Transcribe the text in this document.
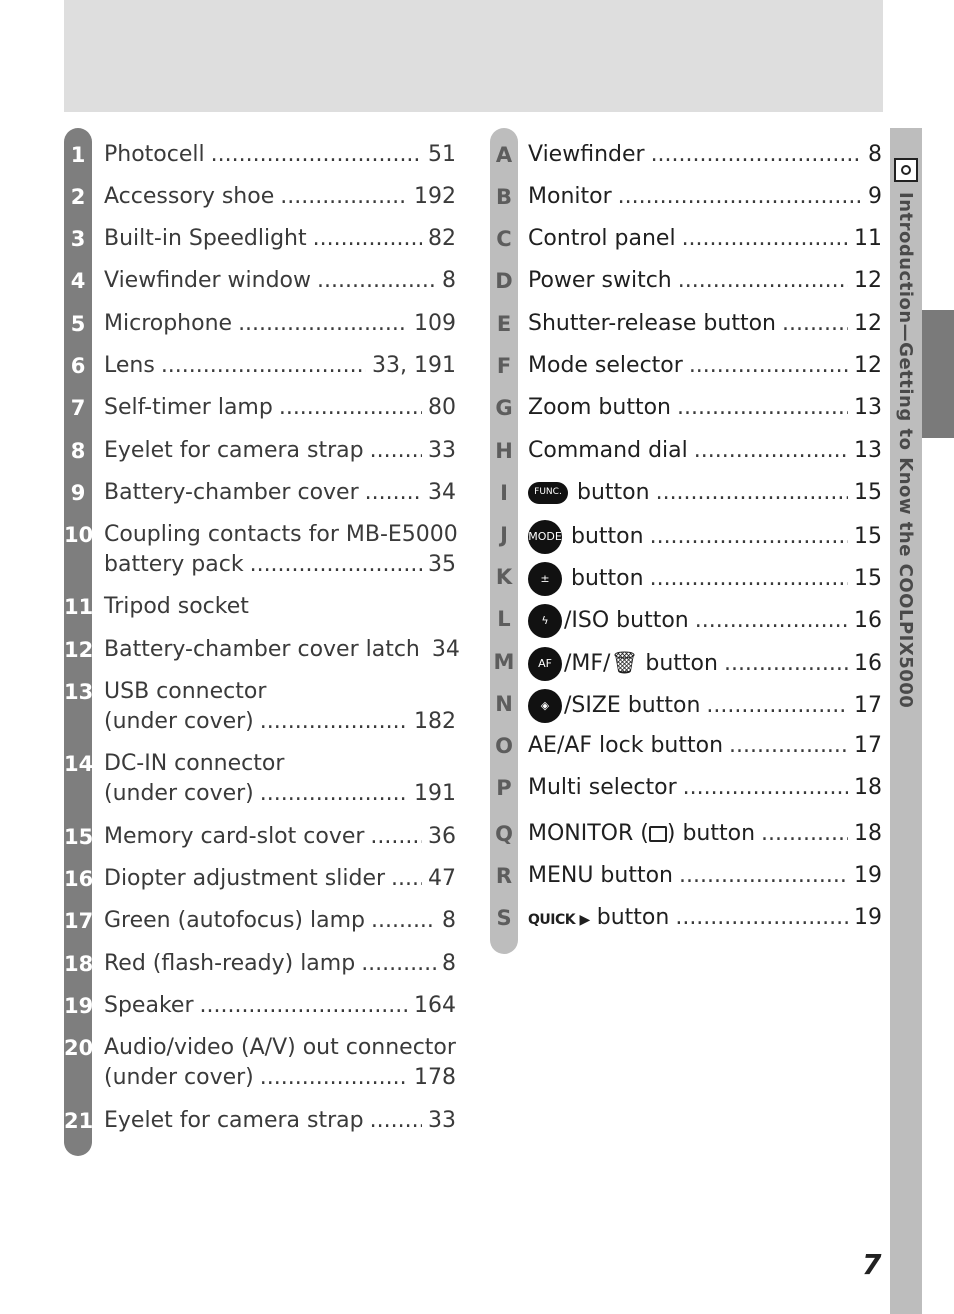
1 Photocell .....	51
2 Accessory shoe .....	192
3 Built-in Speedlight .....	82
4 Viewfinder window .....	8
5 Microphone .....	109
6 Lens .....	33, 191
7 Self-timer lamp .....	80
8 Eyelet for camera strap .....	33
9 Battery-chamber cover .....	34
10 Coupling contacts for MB-E5000
battery pack .....	35
11 Tripod socket
12 Battery-chamber cover latch 34
13 USB connector
(under cover) .....	182
14 DC-IN connector
(under cover) .....	191
15 Memory card-slot cover .....	36
16 Diopter adjustment slider ..... 47
17 Green (autofocus) lamp .....	8
18 Red (flash-ready) lamp .....	8
19 Speaker .....	164
20 Audio/video (A/V) out connector
(under cover) .....	178
21 Eyelet for camera strap .....	33
A Viewfinder .....	8
B Monitor .....	9
C Control panel .....	11
D Power switch .....	12
E Shutter-release button .....	12
F Mode selector .....	12
G Zoom button .....	13
H Command dial .....	13
I	FUNC. button .....	15
J	MODE button .....	15
K	± button .....	15
L	ϟ /ISO button .....	16
M	AF /MF/🗑 button .....	16
N	◈ /SIZE button .....	17
O AE/AF lock button .....	17
P Multi selector .....	18
Q MONITOR ( ) button .....	18
R MENU button .....	19
S	QUICK ▶ button .....	19
Introduction—Getting to Know the COOLPIX5000
7
